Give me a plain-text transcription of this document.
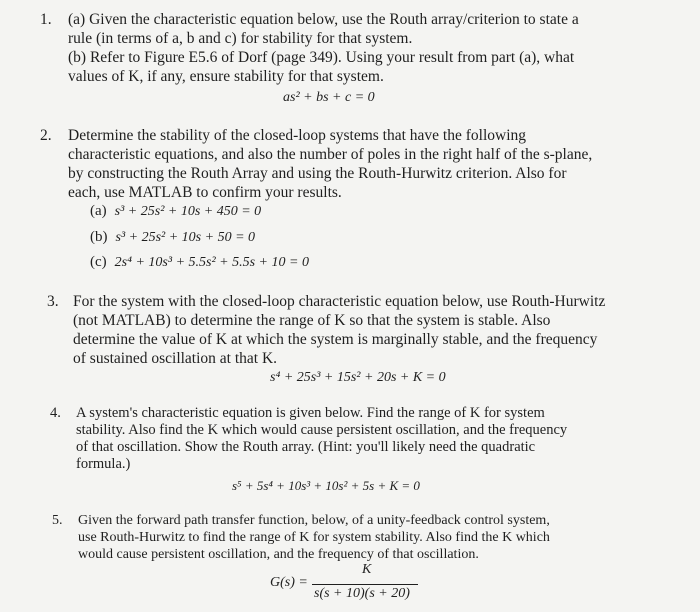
1. (a) Given the characteristic equation below, use the Routh array/criterion to state a
rule (in terms of a, b and c) for stability for that system.
(b) Refer to Figure E5.6 of Dorf (page 349). Using your result from part (a), what
values of K, if any, ensure stability for that system.
as² + bs + c = 0
2. Determine the stability of the closed-loop systems that have the following
characteristic equations, and also the number of poles in the right half of the s-plane,
by constructing the Routh Array and using the Routh-Hurwitz criterion. Also for
each, use MATLAB to confirm your results.
(a) s³ + 25s² + 10s + 450 = 0
(b) s³ + 25s² + 10s + 50 = 0
(c) 2s⁴ + 10s³ + 5.5s² + 5.5s + 10 = 0
3. For the system with the closed-loop characteristic equation below, use Routh-Hurwitz
(not MATLAB) to determine the range of K so that the system is stable. Also
determine the value of K at which the system is marginally stable, and the frequency
of sustained oscillation at that K.
s⁴ + 25s³ + 15s² + 20s + K = 0
4. A system's characteristic equation is given below. Find the range of K for system
stability. Also find the K which would cause persistent oscillation, and the frequency
of that oscillation. Show the Routh array. (Hint: you'll likely need the quadratic
formula.)
s⁵ + 5s⁴ + 10s³ + 10s² + 5s + K = 0
5. Given the forward path transfer function, below, of a unity-feedback control system,
use Routh-Hurwitz to find the range of K for system stability. Also find the K which
would cause persistent oscillation, and the frequency of that oscillation.
G(s) =
K
s(s + 10)(s + 20)
